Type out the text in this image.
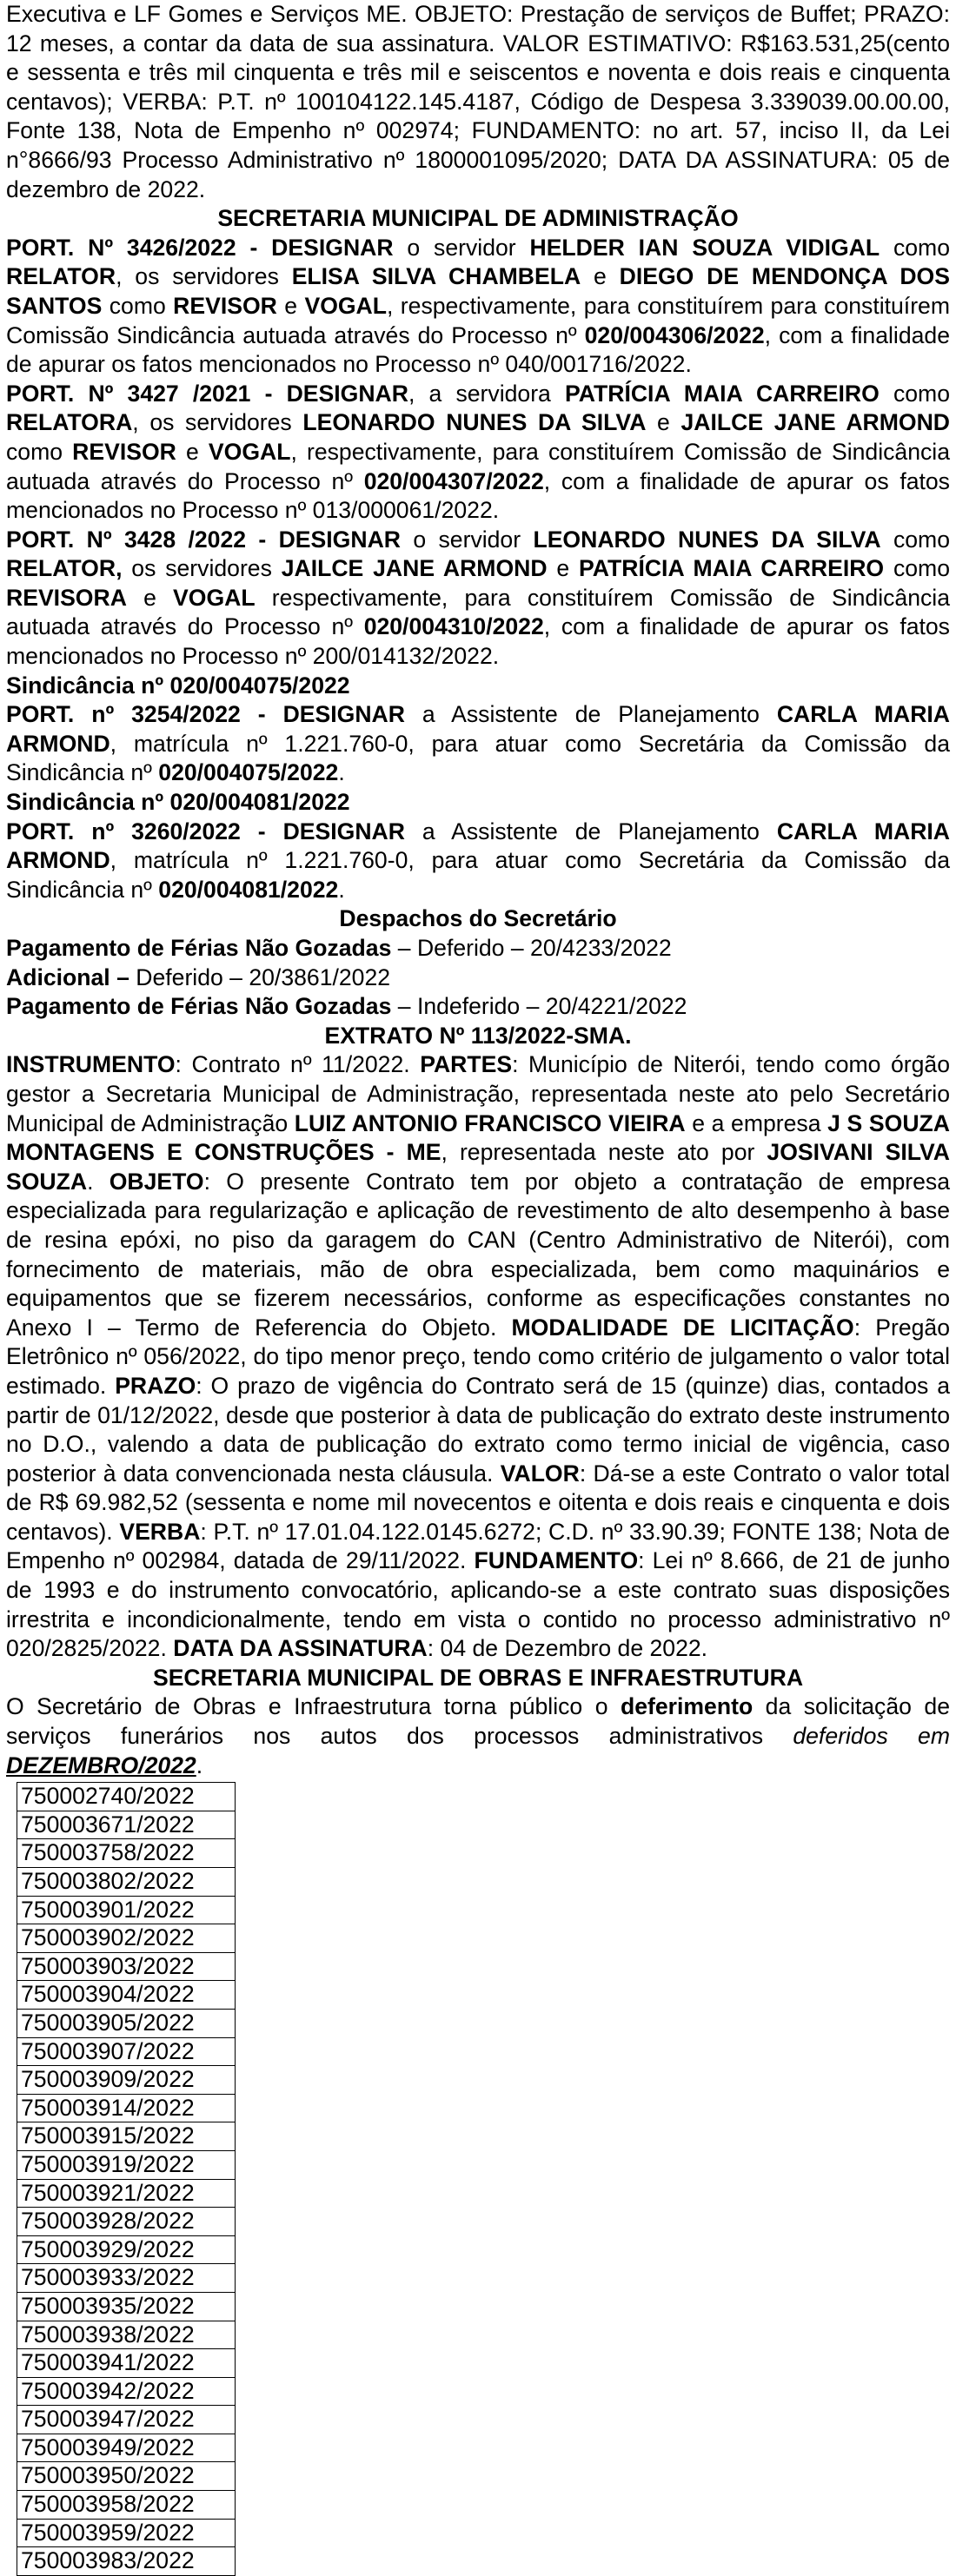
Executiva e LF Gomes e Serviços ME. OBJETO: Prestação de serviços de Buffet; PRAZO: 12 meses, a contar da data de sua assinatura. VALOR ESTIMATIVO: R$163.531,25(cento e sessenta e três mil cinquenta e três mil e seiscentos e noventa e dois reais e cinquenta centavos); VERBA: P.T. nº 100104122.145.4187, Código de Despesa 3.339039.00.00.00, Fonte 138, Nota de Empenho nº 002974; FUNDAMENTO: no art. 57, inciso II, da Lei n°8666/93 Processo Administrativo nº 1800001095/2020; DATA DA ASSINATURA: 05 de dezembro de 2022.

SECRETARIA MUNICIPAL DE ADMINISTRAÇÃO

PORT. Nº 3426/2022 - DESIGNAR o servidor HELDER IAN SOUZA VIDIGAL como RELATOR, os servidores ELISA SILVA CHAMBELA e DIEGO DE MENDONÇA DOS SANTOS como REVISOR e VOGAL, respectivamente, para constituírem para constituírem Comissão Sindicância autuada através do Processo nº 020/004306/2022, com a finalidade de apurar os fatos mencionados no Processo nº 040/001716/2022.

PORT. Nº 3427 /2021 - DESIGNAR, a servidora PATRÍCIA MAIA CARREIRO como RELATORA, os servidores LEONARDO NUNES DA SILVA e JAILCE JANE ARMOND como REVISOR e VOGAL, respectivamente, para constituírem Comissão de Sindicância autuada através do Processo nº 020/004307/2022, com a finalidade de apurar os fatos mencionados no Processo nº 013/000061/2022.

PORT. Nº 3428 /2022 - DESIGNAR o servidor LEONARDO NUNES DA SILVA como RELATOR, os servidores JAILCE JANE ARMOND e PATRÍCIA MAIA CARREIRO como REVISORA e VOGAL respectivamente, para constituírem Comissão de Sindicância autuada através do Processo nº 020/004310/2022, com a finalidade de apurar os fatos mencionados no Processo nº 200/014132/2022.

Sindicância nº 020/004075/2022

PORT. nº 3254/2022 - DESIGNAR a Assistente de Planejamento CARLA MARIA ARMOND, matrícula nº 1.221.760-0, para atuar como Secretária da Comissão da Sindicância nº 020/004075/2022.

Sindicância nº 020/004081/2022

PORT. nº 3260/2022 - DESIGNAR a Assistente de Planejamento CARLA MARIA ARMOND, matrícula nº 1.221.760-0, para atuar como Secretária da Comissão da Sindicância nº 020/004081/2022.

Despachos do Secretário

Pagamento de Férias Não Gozadas – Deferido – 20/4233/2022

Adicional – Deferido – 20/3861/2022

Pagamento de Férias Não Gozadas – Indeferido – 20/4221/2022

EXTRATO Nº 113/2022-SMA.

INSTRUMENTO: Contrato nº 11/2022. PARTES: Município de Niterói, tendo como órgão gestor a Secretaria Municipal de Administração, representada neste ato pelo Secretário Municipal de Administração LUIZ ANTONIO FRANCISCO VIEIRA e a empresa J S SOUZA MONTAGENS E CONSTRUÇÕES - ME, representada neste ato por JOSIVANI SILVA SOUZA. OBJETO: O presente Contrato tem por objeto a contratação de empresa especializada para regularização e aplicação de revestimento de alto desempenho à base de resina epóxi, no piso da garagem do CAN (Centro Administrativo de Niterói), com fornecimento de materiais, mão de obra especializada, bem como maquinários e equipamentos que se fizerem necessários, conforme as especificações constantes no Anexo I – Termo de Referencia do Objeto. MODALIDADE DE LICITAÇÃO: Pregão Eletrônico nº 056/2022, do tipo menor preço, tendo como critério de julgamento o valor total estimado. PRAZO: O prazo de vigência do Contrato será de 15 (quinze) dias, contados a partir de 01/12/2022, desde que posterior à data de publicação do extrato deste instrumento no D.O., valendo a data de publicação do extrato como termo inicial de vigência, caso posterior à data convencionada nesta cláusula. VALOR: Dá-se a este Contrato o valor total de R$ 69.982,52 (sessenta e nome mil novecentos e oitenta e dois reais e cinquenta e dois centavos). VERBA: P.T. nº 17.01.04.122.0145.6272; C.D. nº 33.90.39; FONTE 138; Nota de Empenho nº 002984, datada de 29/11/2022. FUNDAMENTO: Lei nº 8.666, de 21 de junho de 1993 e do instrumento convocatório, aplicando-se a este contrato suas disposições irrestrita e incondicionalmente, tendo em vista o contido no processo administrativo nº 020/2825/2022. DATA DA ASSINATURA: 04 de Dezembro de 2022.

SECRETARIA MUNICIPAL DE OBRAS E INFRAESTRUTURA

O Secretário de Obras e Infraestrutura torna público o deferimento da solicitação de serviços funerários nos autos dos processos administrativos deferidos em DEZEMBRO/2022.

750002740/2022
750003671/2022
750003758/2022
750003802/2022
750003901/2022
750003902/2022
750003903/2022
750003904/2022
750003905/2022
750003907/2022
750003909/2022
750003914/2022
750003915/2022
750003919/2022
750003921/2022
750003928/2022
750003929/2022
750003933/2022
750003935/2022
750003938/2022
750003941/2022
750003942/2022
750003947/2022
750003949/2022
750003950/2022
750003958/2022
750003959/2022
750003983/2022
